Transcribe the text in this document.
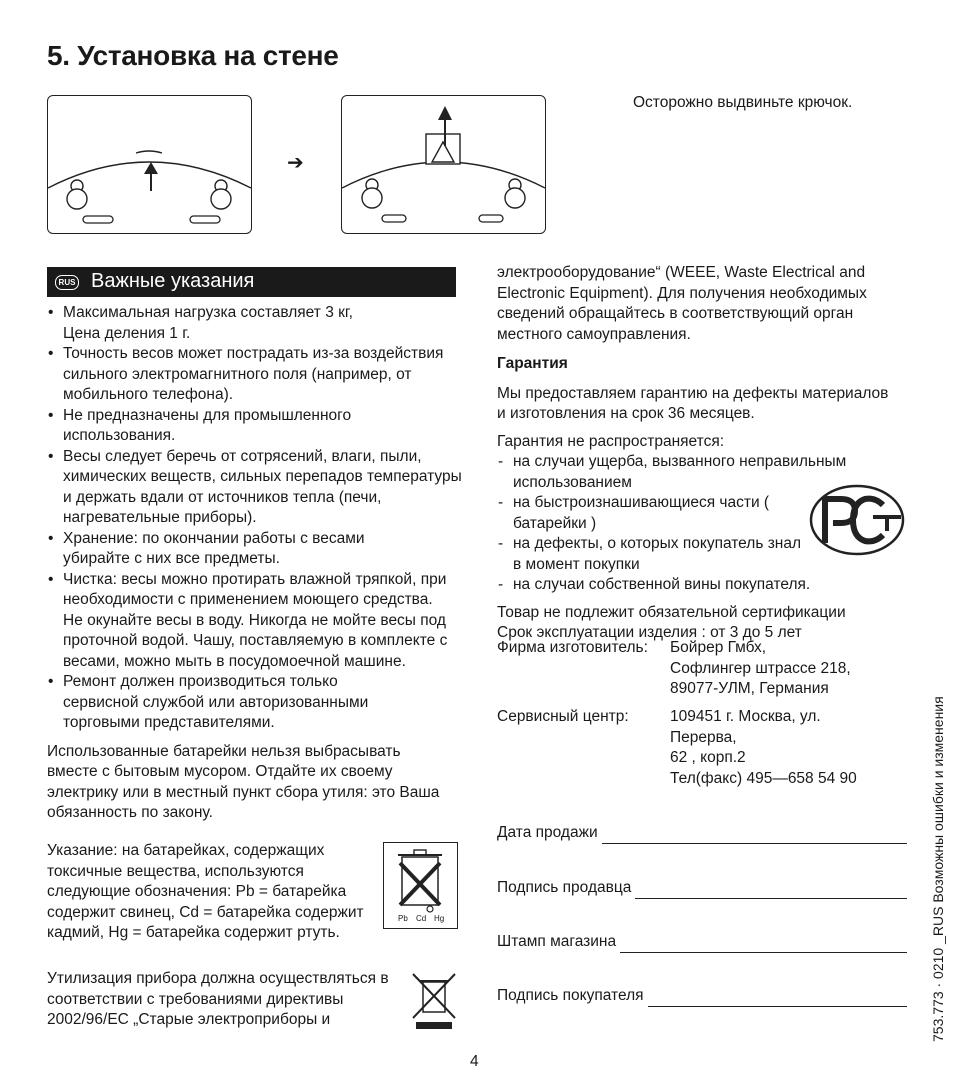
5. Установка на стене
➔
Осторожно выдвиньте крючок.
RUS Важные указания
• Максимальная нагрузка составляет 3 кг, Цена деления 1 г.
• Точность весов может пострадать из-за воздействия сильного электромагнитного поля (например, от мобильного телефона).
• Не предназначены для промышленного использования.
• Весы следует беречь от сотрясений, влаги, пыли, химических веществ, сильных перепадов температуры и держать вдали от источников тепла (печи, нагревательные приборы).
• Хранение: по окончании работы с весами убирайте с них все предметы.
• Чистка: весы можно протирать влажной тряпкой, при необходимости с применением моющего средства. Не окунайте весы в воду. Никогда не мойте весы под проточной водой. Чашу, поставляемую в комплекте с весами, можно мыть в посудомоечной машине.
• Ремонт должен производиться только сервисной службой или авторизованными торговыми представителями.

Использованные батарейки нельзя выбрасывать вместе с бытовым мусором. Отдайте их своему электрику или в местный пункт сбора утиля: это Ваша обязанность по закону.

Указание: на батарейках, содержащих токсичные вещества, используются следующие обозначения: Pb = батарейка содержит свинец, Cd = батарейка содержит кадмий, Hg = батарейка содержит ртуть.

Pb Cd Hg

Утилизация прибора должна осуществляться в соответствии с требованиями директивы 2002/96/EC „Старые электроприборы и

электрооборудование“ (WEEE, Waste Electrical and Electronic Equipment). Для получения необходимых сведений обращайтесь в соответствующий орган местного самоуправления.

Гарантия

Мы предоставляем гарантию на дефекты материалов и изготовления на срок 36 месяцев.

Гарантия не распространяется:

- на случаи ущерба, вызванного неправильным использованием
- на быстроизнашивающиеся части ( батарейки )
- на дефекты, о которых покупатель знал в момент покупки
- на случаи собственной вины покупателя.

Товар не подлежит обязательной сертификации

Срок эксплуатации изделия : от 3 до 5 лет

Фирма изготовитель: Бойрер Гмбх,
Софлингер штрассе 218,
89077-УЛМ, Германия
Сервисный центр:	109451 г. Москва, ул.
Перерва,
62 , корп.2
Тел(факс) 495—658 54 90
Дата продажи
Подпись продавца
Штамп магазина
Подпись покупателя	753.773 · 0210 _RUS Возможны ошибки и изменения
4
